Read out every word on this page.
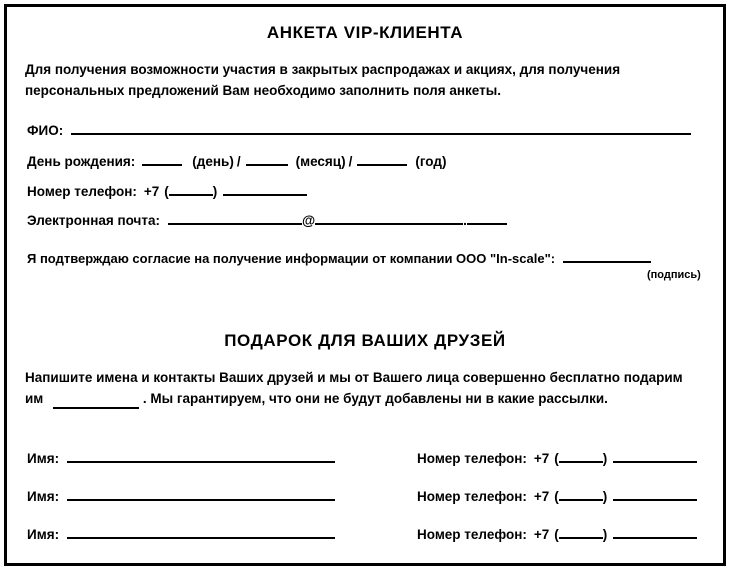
АНКЕТА VIP-КЛИЕНТА
Для получения возможности участия в закрытых распродажах и акциях, для получения
персональных предложений Вам необходимо заполнить поля анкеты.
ФИО:
День рождения:	(день) /	(месяц) /	(год)
Номер телефон: +7 (	)
Электронная почта:	@	.
Я подтверждаю согласие на получение информации от компании ООО "In-scale":
(подпись)
ПОДАРОК ДЛЯ ВАШИХ ДРУЗЕЙ
Напишите имена и контакты Ваших друзей и мы от Вашего лица совершенно бесплатно подарим
им	. Мы гарантируем, что они не будут добавлены ни в какие рассылки.
Имя:	Номер телефон: +7 (	)
Имя:	Номер телефон: +7 (	)
Имя:	Номер телефон: +7 (	)
